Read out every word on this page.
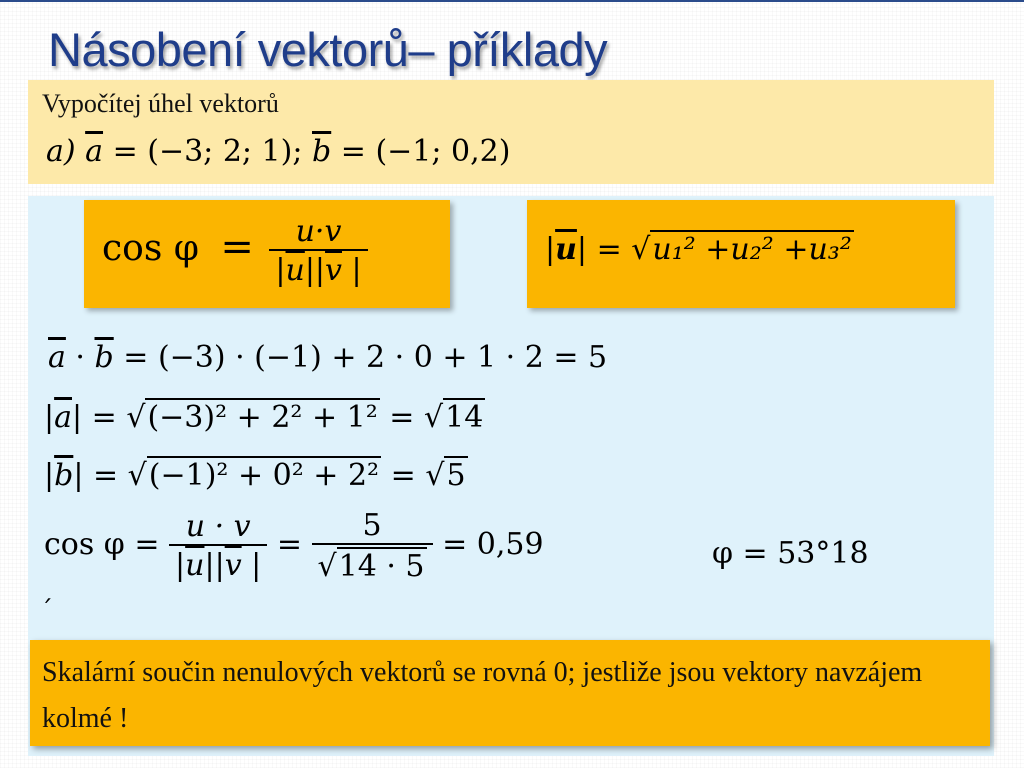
Násobení vektorů– příklady
Vypočítej úhel vektorů
a) $\overline{a} = (-3$; 2; 1); $\overline{b} = (-1$; 0,2)
$\cos \varphi = \frac{u\cdot v}{|\overline{u}||\overline{v} |}$	$|\overline{u}| = √u_1^2 +u_2^2 +u_3^2$
$\overline{a} \cdot \overline{b} = (-3) \cdot (-1) + 2 \cdot 0 + 1 \cdot 2 = 5$
$|\overline{a}| = √(-3)^2 + 2^2 + 1^2 = √14$
$|\overline{b}| = √(-1)^2 + 0^2 + 2^2 = √5$
$\cos \varphi = \frac{u \cdot v}{|\overline{u}||\overline{v} |} = \frac{5}{√14 \cdot 5} = 0,59$	φ = 53°18
´
Skalární součin nenulových vektorů se rovná 0; jestliže jsou vektory navzájem kolmé !
